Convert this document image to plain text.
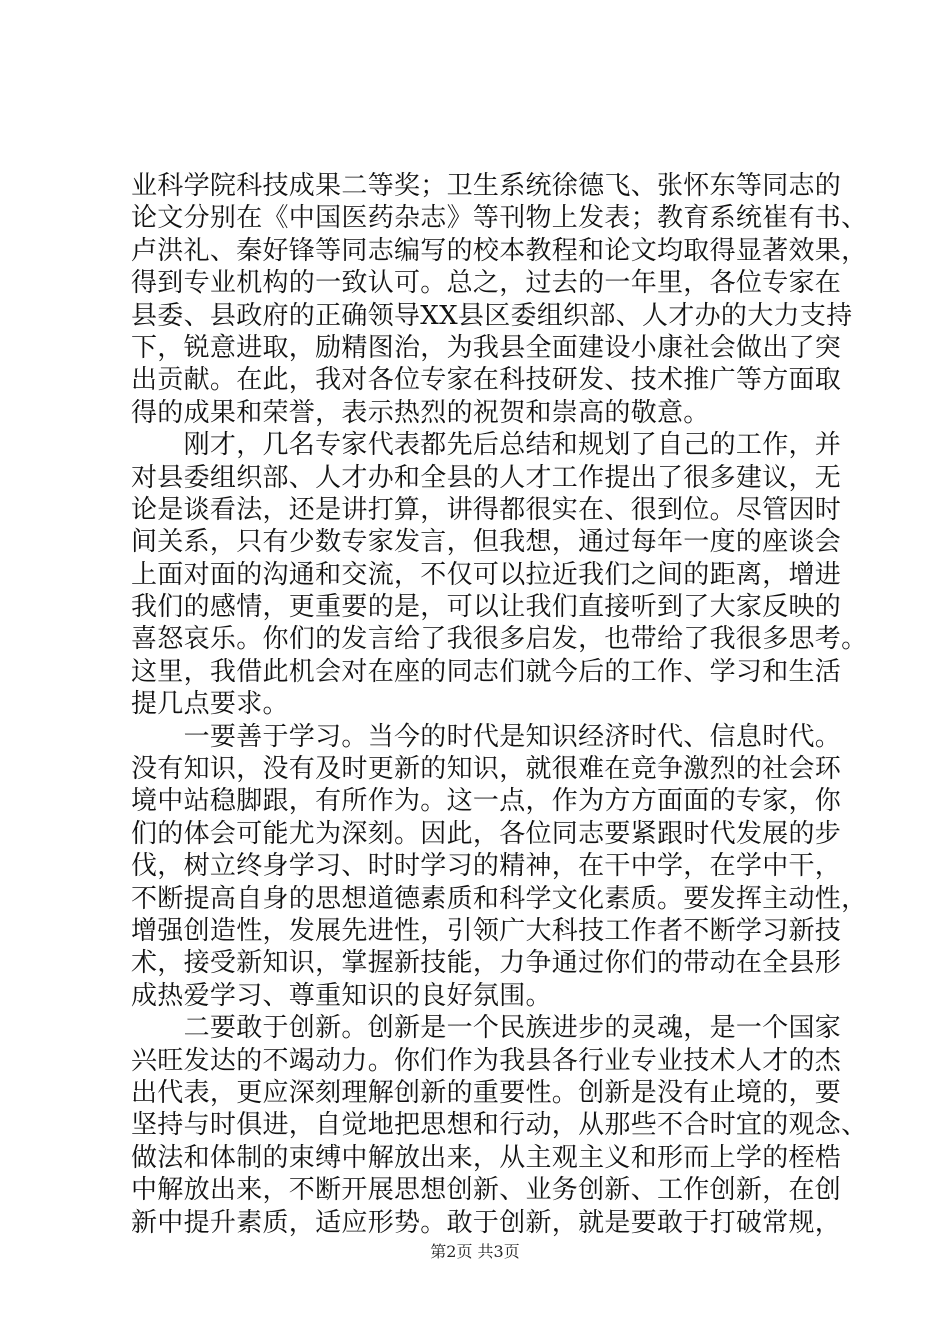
业科学院科技成果二等奖；卫生系统徐德飞、张怀东等同志的
论文分别在《中国医药杂志》等刊物上发表；教育系统崔有书、
卢洪礼、秦好锋等同志编写的校本教程和论文均取得显著效果，
得到专业机构的一致认可。总之，过去的一年里，各位专家在
县委、县政府的正确领导XX县区委组织部、人才办的大力支持
下，锐意进取，励精图治，为我县全面建设小康社会做出了突
出贡献。在此，我对各位专家在科技研发、技术推广等方面取
得的成果和荣誉，表示热烈的祝贺和崇高的敬意。
　　刚才，几名专家代表都先后总结和规划了自己的工作，并
对县委组织部、人才办和全县的人才工作提出了很多建议，无
论是谈看法，还是讲打算，讲得都很实在、很到位。尽管因时
间关系，只有少数专家发言，但我想，通过每年一度的座谈会
上面对面的沟通和交流，不仅可以拉近我们之间的距离，增进
我们的感情，更重要的是，可以让我们直接听到了大家反映的
喜怒哀乐。你们的发言给了我很多启发，也带给了我很多思考。
这里，我借此机会对在座的同志们就今后的工作、学习和生活
提几点要求。
　　一要善于学习。当今的时代是知识经济时代、信息时代。
没有知识，没有及时更新的知识，就很难在竞争激烈的社会环
境中站稳脚跟，有所作为。这一点，作为方方面面的专家，你
们的体会可能尤为深刻。因此，各位同志要紧跟时代发展的步
伐，树立终身学习、时时学习的精神，在干中学，在学中干，
不断提高自身的思想道德素质和科学文化素质。要发挥主动性，
增强创造性，发展先进性，引领广大科技工作者不断学习新技
术，接受新知识，掌握新技能，力争通过你们的带动在全县形
成热爱学习、尊重知识的良好氛围。
　　二要敢于创新。创新是一个民族进步的灵魂，是一个国家
兴旺发达的不竭动力。你们作为我县各行业专业技术人才的杰
出代表，更应深刻理解创新的重要性。创新是没有止境的，要
坚持与时俱进，自觉地把思想和行动，从那些不合时宜的观念、
做法和体制的束缚中解放出来，从主观主义和形而上学的桎梏
中解放出来，不断开展思想创新、业务创新、工作创新，在创
新中提升素质，适应形势。敢于创新，就是要敢于打破常规，
第2页 共3页
